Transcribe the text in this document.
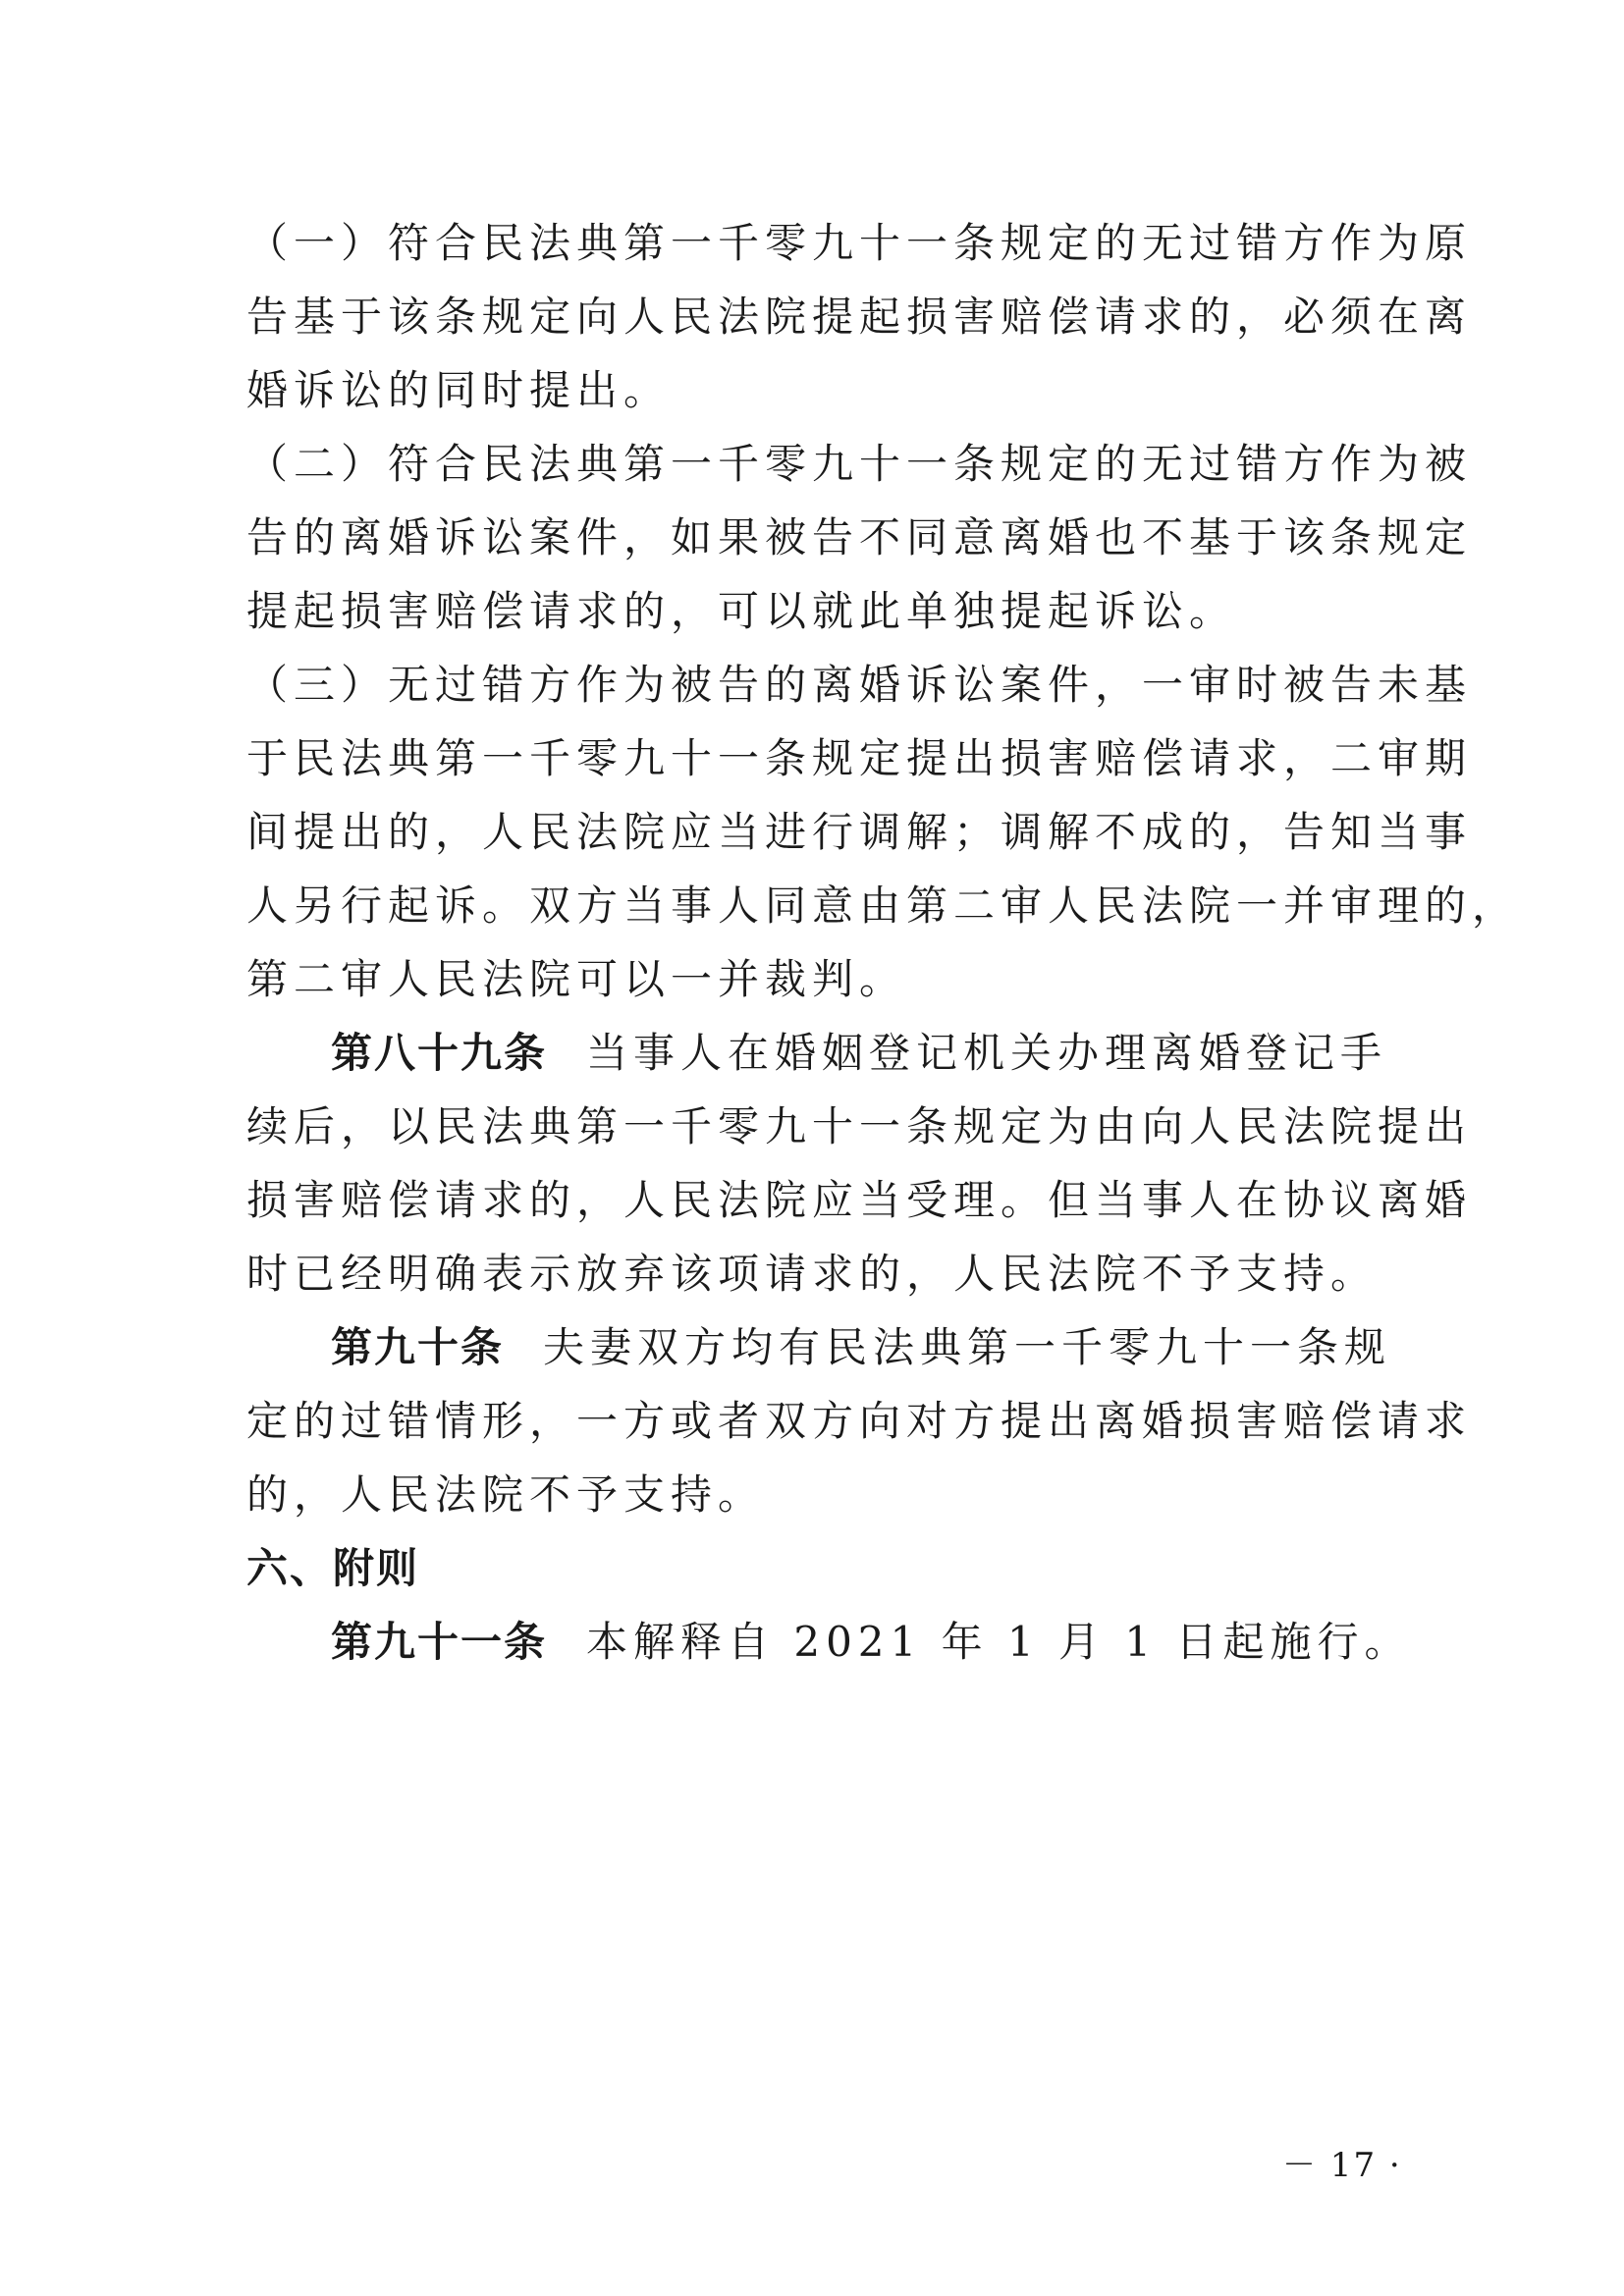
（一）符合民法典第一千零九十一条规定的无过错方作为原
告基于该条规定向人民法院提起损害赔偿请求的，必须在离
婚诉讼的同时提出。
（二）符合民法典第一千零九十一条规定的无过错方作为被
告的离婚诉讼案件，如果被告不同意离婚也不基于该条规定
提起损害赔偿请求的，可以就此单独提起诉讼。
（三）无过错方作为被告的离婚诉讼案件，一审时被告未基
于民法典第一千零九十一条规定提出损害赔偿请求，二审期
间提出的，人民法院应当进行调解；调解不成的，告知当事
人另行起诉。双方当事人同意由第二审人民法院一并审理的，
第二审人民法院可以一并裁判。
第八十九条 当事人在婚姻登记机关办理离婚登记手
续后，以民法典第一千零九十一条规定为由向人民法院提出
损害赔偿请求的，人民法院应当受理。但当事人在协议离婚
时已经明确表示放弃该项请求的，人民法院不予支持。
第九十条 夫妻双方均有民法典第一千零九十一条规
定的过错情形，一方或者双方向对方提出离婚损害赔偿请求
的，人民法院不予支持。
六、附则
第九十一条 本解释自 2021 年 1 月 1 日起施行。
－ 17 ·
